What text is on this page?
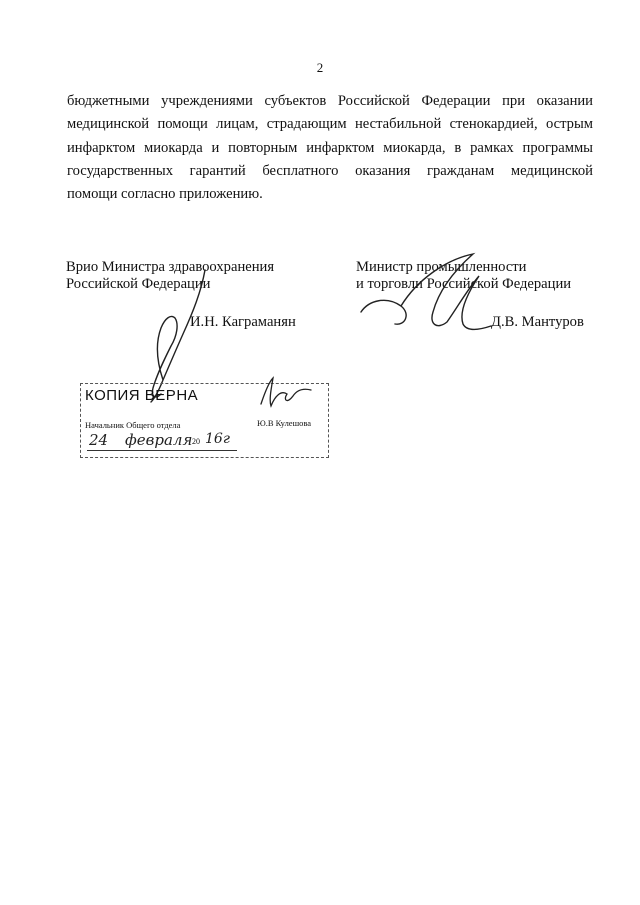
2
бюджетными учреждениями субъектов Российской Федерации при оказании
медицинской помощи лицам, страдающим нестабильной стенокардией, острым
инфарктом миокарда и повторным инфарктом миокарда, в рамках программы
государственных гарантий бесплатного оказания гражданам медицинской
помощи согласно приложению.
Врио Министра здравоохранения
Российской Федерации
И.Н. Каграманян
Министр промышленности
и торговли Российской Федерации
Д.В. Мантуров
КОПИЯ ВЕРНА
Начальник Общего отдела	Ю.В Кулешова
24 февраля 20 16г
